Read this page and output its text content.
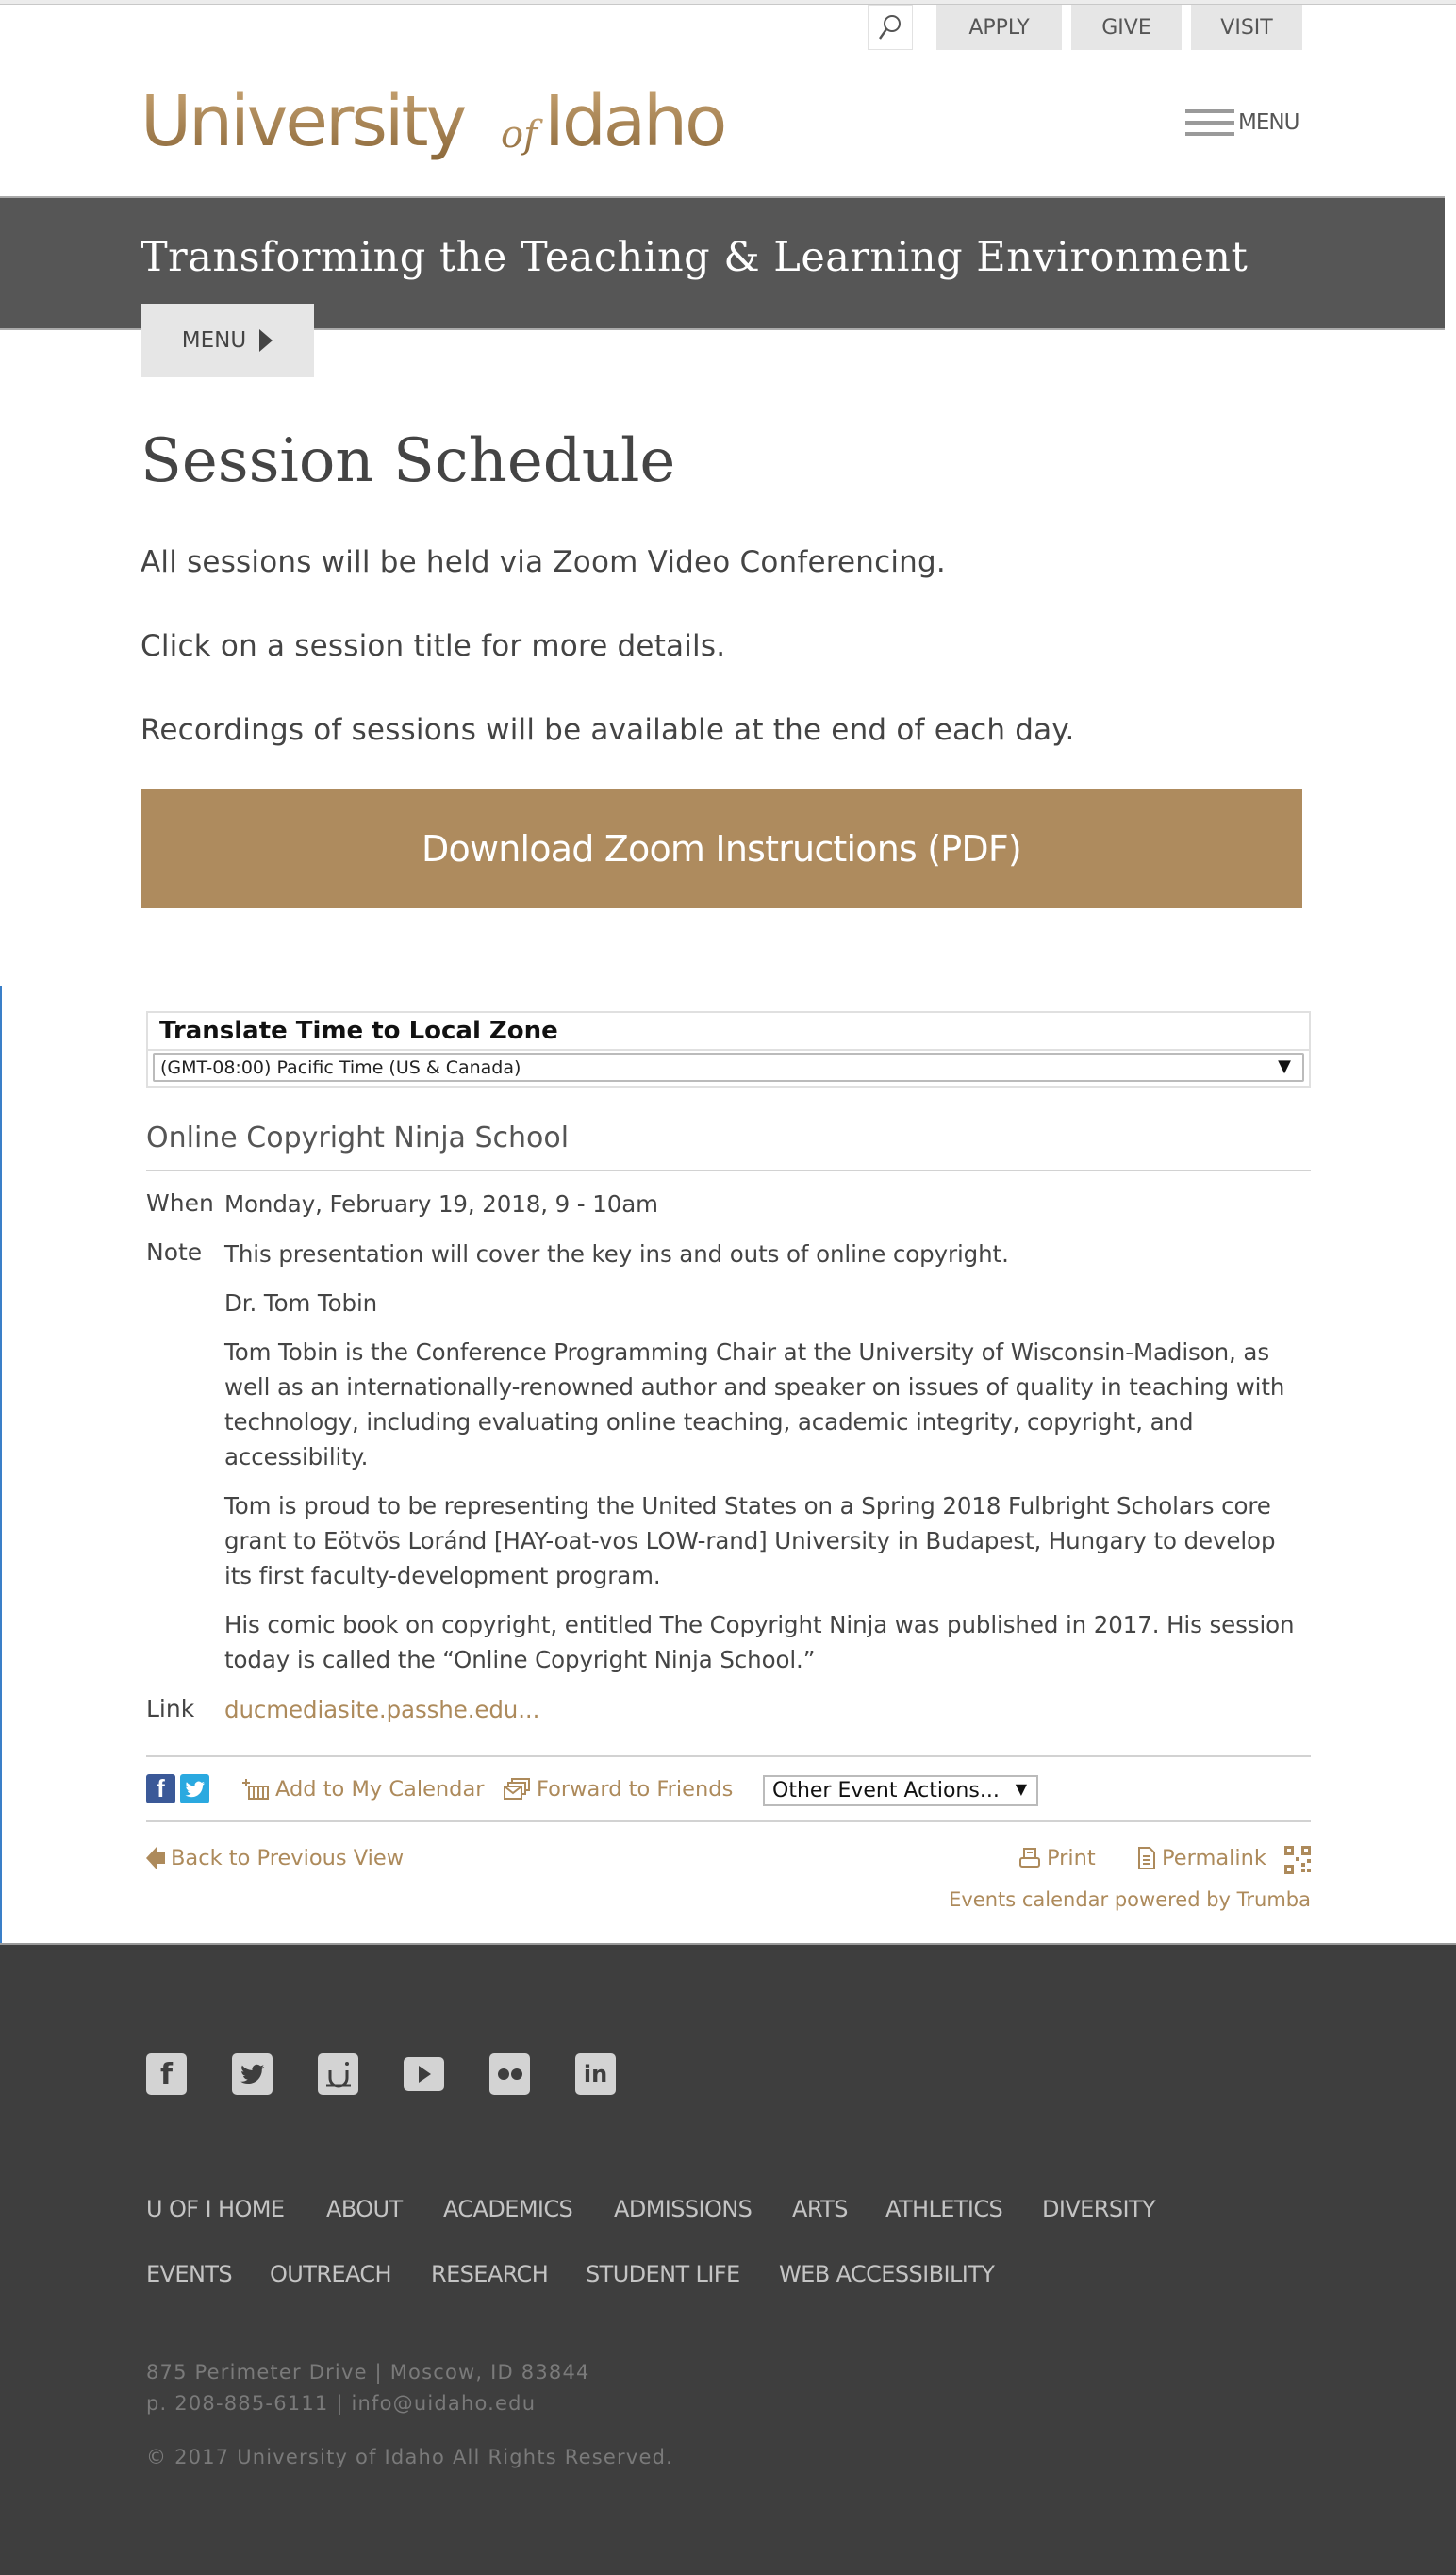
APPLY	GIVE	VISIT
University of Idaho	MENU
Transforming the Teaching & Learning Environment
MENU
Session Schedule
All sessions will be held via Zoom Video Conferencing.
Click on a session title for more details.
Recordings of sessions will be available at the end of each day.
Download Zoom Instructions (PDF)
Translate Time to Local Zone
(GMT-08:00) Pacific Time (US & Canada)	▼
Online Copyright Ninja School
When Monday, February 19, 2018, 9 - 10am
Note This presentation will cover the key ins and outs of online copyright.
Dr. Tom Tobin
Tom Tobin is the Conference Programming Chair at the University of Wisconsin-Madison, as well as an internationally-renowned author and speaker on issues of quality in teaching with technology, including evaluating online teaching, academic integrity, copyright, and accessibility.
Tom is proud to be representing the United States on a Spring 2018 Fulbright Scholars core grant to Eötvös Loránd [HAY-oat-vos LOW-rand] University in Budapest, Hungary to develop its first faculty-development program.
His comic book on copyright, entitled The Copyright Ninja was published in 2017. His session today is called the “Online Copyright Ninja School.”
Link ducmediasite.passhe.edu...
f	Add to My Calendar Forward to Friends Other Event Actions... ▼
Back to Previous View	Print	Permalink
Events calendar powered by Trumba
f	in
U OF I HOME ABOUT ACADEMICS ADMISSIONS ARTS ATHLETICS DIVERSITY
EVENTS OUTREACH RESEARCH STUDENT LIFE WEB ACCESSIBILITY
875 Perimeter Drive | Moscow, ID 83844
p. 208-885-6111 | info@uidaho.edu
© 2017 University of Idaho All Rights Reserved.
